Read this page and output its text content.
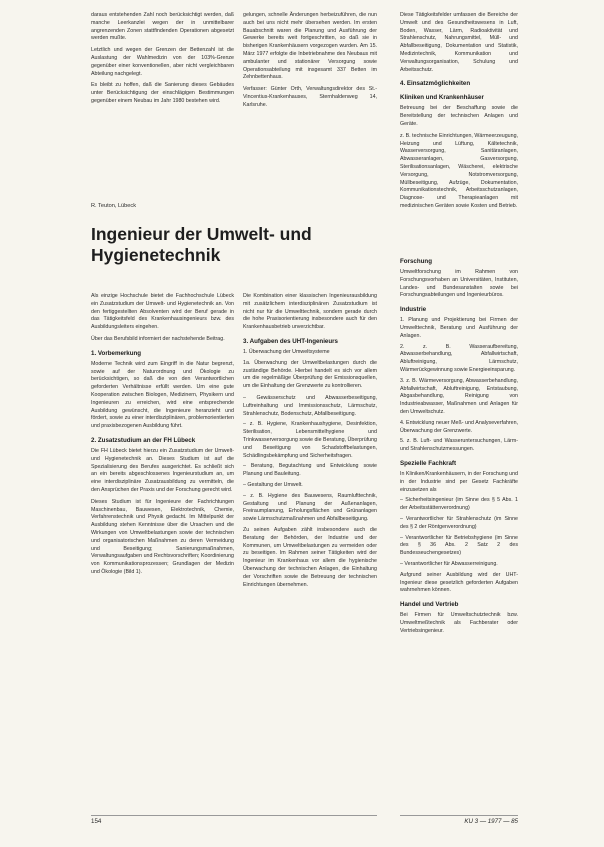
daraus entstehenden Zahl noch berücksichtigt werden, daß manche Leerkanzlei wegen der in unmittelbarer angrenzenden Zonen stattfindenden Operationen abgesetzt werden mußte.

Letztlich und wegen der Grenzen der Bettenzahl ist die Auslastung der Wahlmedizin von der 103%-Grenze gegenüber einer konventionellen, aber nicht vergleichbaren Abteilung nachgelegt.

Es bleibt zu hoffen, daß die Sanierung dieses Gebäudes unter Berücksichtigung der einschlägigen Bestimmungen gegenüber einem Neubau im Jahr 1980 bestehen wird.

gelungen, schnelle Änderungen herbeizuführen, die nun auch bei uns nicht mehr übersehen werden. Im ersten Bauabschnitt waren die Planung und Ausführung der Gewerke bereits weit fortgeschritten, so daß sie in bisherigen Krankenhäusern vorgezogen wurden. Am 15. März 1977 erfolgte die Inbetriebnahme des Neubaus mit ambulanter und stationärer Versorgung sowie Operationsabteilung mit insgesamt 337 Betten im Zehnbettenhaus.

Verfasser: Günter Orth, Verwaltungsdirektor des St.-Vincentius-Krankenhauses, Sternhaldenweg 14, Karlsruhe.

Diese Tätigkeitsfelder umfassen die Bereiche der Umwelt und des Gesundheitswesens in Luft, Boden, Wasser, Lärm, Radioaktivität und Strahlenschutz, Nahrungsmittel, Müll- und Abfallbeseitigung, Dokumentation und Statistik, Medizintechnik, Kommunikation und Verwaltungsorganisation, Schulung und Arbeitsschutz.

4. Einsatzmöglichkeiten
Kliniken und Krankenhäuser

Betreuung bei der Beschaffung sowie die Bereitstellung der technischen Anlagen und Geräte.

z. B. technische Einrichtungen, Wärmeerzeugung, Heizung und Lüftung, Kältetechnik, Wasserversorgung, Sanitäranlagen, Abwasseranlagen, Gasversorgung, Sterilisationsanlagen, Wäscherei, elektrische Versorgung, Notstromversorgung, Müllbeseitigung, Aufzüge, Dokumentation, Kommunikationstechnik, Arbeitsschutzanlagen, Diagnose- und Therapieanlagen mit medizinischen Geräten sowie Kosten und Betrieb.

R. Teuton, Lübeck
Ingenieur der Umwelt- und Hygienetechnik

Als einzige Hochschule bietet die Fachhochschule Lübeck ein Zusatzstudium der Umwelt- und Hygienetechnik an. Von den fertiggestellten Absolventen wird der Beruf gerade in das Tätigkeitsfeld des Krankenhausingenieurs bzw. des Ausbildungsleiters eingehen.

Über das Berufsbild informiert der nachstehende Beitrag.

1. Vorbemerkung

Moderne Technik wird zum Eingriff in die Natur begrenzt, sowie auf der Naturordnung und Ökologie zu berücksichtigen, so daß die von den Verantwortlichen geforderten Verhältnisse erfüllt werden. Um eine gute Kooperation zwischen Biologen, Medizinern, Physikern und Ingenieuren zu erreichen, wird eine entsprechende Ausbildung gewünscht, die Ingenieure heranzieht und fördert, sowie zu einer interdisziplinären, problemorientierten und praxisbezogenen Ausbildung führt.

2. Zusatzstudium an der FH Lübeck

Die FH Lübeck bietet hierzu ein Zusatzstudium der Umwelt- und Hygienetechnik an. Dieses Studium ist auf die Spezialisierung des Berufes ausgerichtet. Es schließt sich an ein bereits abgeschlossenes Ingenieurstudium an, um eine interdisziplinäre Zusatzausbildung zu vermitteln, die den Ansprüchen der Praxis und der Forschung gerecht wird.

Dieses Studium ist für Ingenieure der Fachrichtungen Maschinenbau, Bauwesen, Elektrotechnik, Chemie, Verfahrenstechnik und Physik gedacht. Im Mittelpunkt der Ausbildung stehen Kenntnisse über die Ursachen und die Wirkungen von Umweltbelastungen sowie der technischen und organisatorischen Maßnahmen zu deren Vermeidung und Beseitigung; Sanierungsmaßnahmen, Verwaltungsaufgaben und Rechtsvorschriften; Koordinierung von Kommunikationsprozessen; Grundlagen der Medizin und Ökologie (Bild 1).

Die Kombination einer klassischen Ingenieurausbildung mit zusätzlichem interdisziplinären Zusatzstudium ist nicht nur für die Umwelttechnik, sondern gerade durch die hohe Praxisorientierung insbesondere auch für den Krankenhausbetrieb unverzichtbar.

3. Aufgaben des UHT-Ingenieurs
1. Überwachung der Umweltsysteme

1a. Überwachung der Umweltbelastungen durch die zuständige Behörde. Hierbei handelt es sich vor allem um die regelmäßige Überprüfung der Emissionsquellen, um die Einhaltung der Grenzwerte zu kontrollieren.

– Gewässerschutz und Abwasserbeseitigung, Luftreinhaltung und Immissionsschutz, Lärmschutz, Strahlenschutz, Bodenschutz, Abfallbeseitigung.
– z. B. Hygiene, Krankenhaushygiene, Desinfektion, Sterilisation, Lebensmittelhygiene und Trinkwasserversorgung sowie die Beratung, Überprüfung und Beseitigung von Schadstoffbelastungen, Schädlingsbekämpfung und Sicherheitsfragen.
– Beratung, Begutachtung und Entwicklung sowie Planung und Bauleitung.
– Gestaltung der Umwelt.
– z. B. Hygiene des Bauwesens, Raumlufttechnik, Gestaltung und Planung der Außenanlagen, Freiraumplanung, Erholungsflächen und Grünanlagen sowie Lärmschutzmaßnahmen und Abfallbeseitigung.

Zu seinen Aufgaben zählt insbesondere auch die Beratung der Behörden, der Industrie und der Kommunen, um Umweltbelastungen zu vermeiden oder zu beseitigen. Im Rahmen seiner Tätigkeiten wird der Ingenieur im Krankenhaus vor allem die hygienische Überwachung der technischen Anlagen, die Einhaltung der Vorschriften sowie die Betreuung der technischen Einrichtungen übernehmen.

Forschung

Umweltforschung im Rahmen von Forschungsvorhaben an Universitäten, Instituten, Landes- und Bundesanstalten sowie bei Forschungsabteilungen und Ingenieurbüros.

Industrie
1. Planung und Projektierung bei Firmen der Umwelttechnik, Beratung und Ausführung der Anlagen.
2. z. B. Wasseraufbereitung, Abwasserbehandlung, Abfallwirtschaft, Abluftreinigung, Lärmschutz, Wärmerückgewinnung sowie Energieeinsparung.
3. z. B. Wärmeversorgung, Abwasserbehandlung, Abfallwirtschaft, Abluftreinigung, Entstaubung, Abgasbehandlung, Reinigung von Industrieabwasser, Maßnahmen und Anlagen für den Umweltschutz.
4. Entwicklung neuer Meß- und Analyseverfahren, Überwachung der Grenzwerte.
5. z. B. Luft- und Wasseruntersuchungen, Lärm- und Strahlenschutzmessungen.
Spezielle Fachkraft
In Kliniken/Krankenhäusern, in der Forschung und in der Industrie sind per Gesetz Fachkräfte einzusetzen als
– Sicherheitsingenieur (im Sinne des § 5 Abs. 1 der Arbeitsstättenverordnung)
– Verantwortlicher für Strahlenschutz (im Sinne des § 2 der Röntgenverordnung)
– Verantwortlicher für Betriebshygiene (im Sinne des § 36 Abs. 2 Satz 2 des Bundesseuchengesetzes)
– Verantwortlicher für Abwasserreinigung.

Aufgrund seiner Ausbildung wird der UHT-Ingenieur diese gesetzlich geforderten Aufgaben wahrnehmen können.

Handel und Vertrieb

Bei Firmen für Umweltschutztechnik bzw. Umweltmeßtechnik als Fachberater oder Vertriebsingenieur.

154	KU 3 — 1977 — 85
